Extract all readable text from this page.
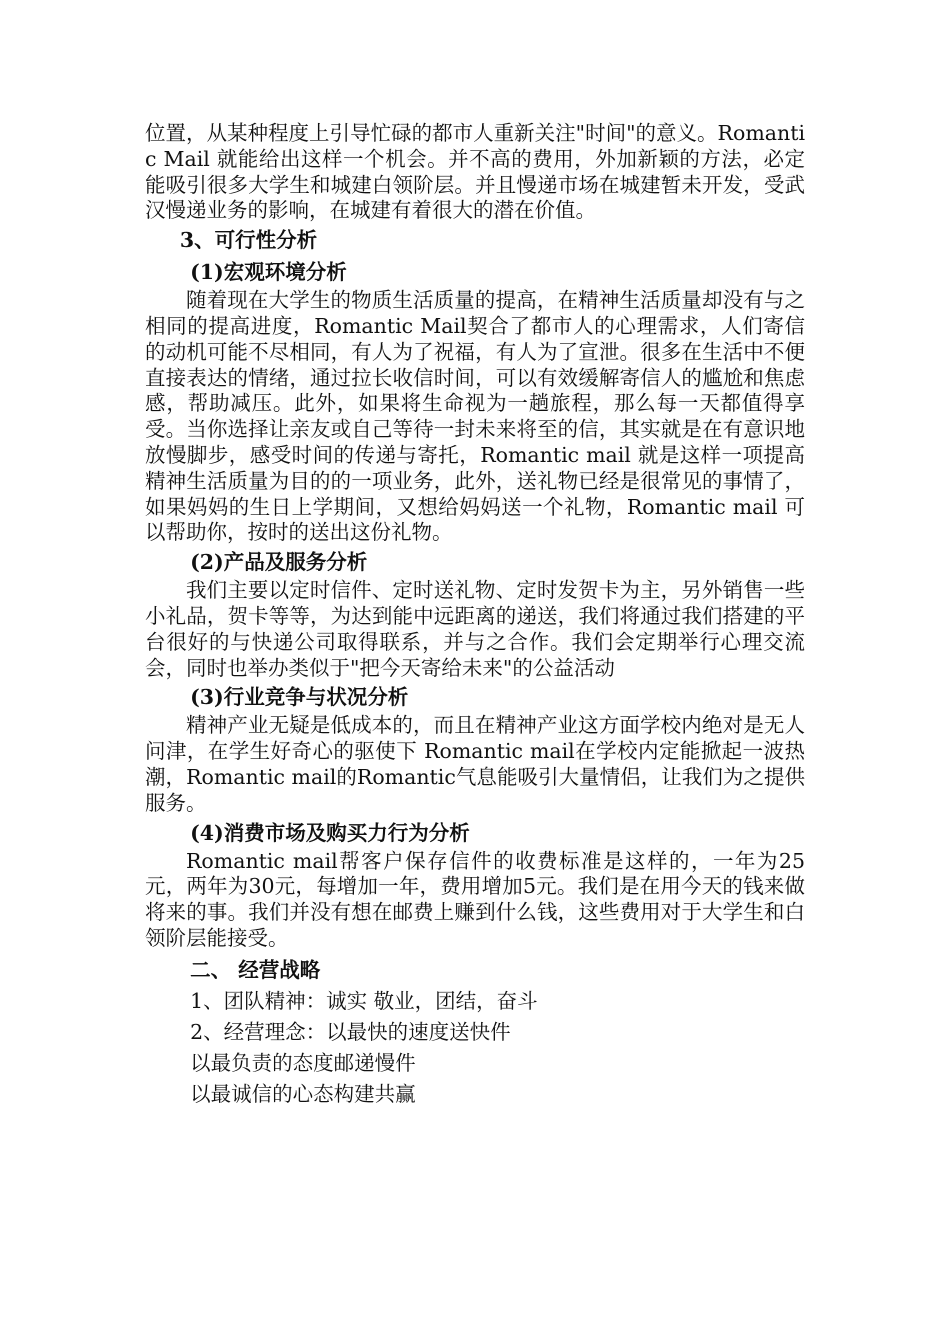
位置，从某种程度上引导忙碌的都市人重新关注"时间"的意义。Romantic Mail 就能给出这样一个机会。并不高的费用，外加新颖的方法，必定能吸引很多大学生和城建白领阶层。并且慢递市场在城建暂未开发，受武汉慢递业务的影响，在城建有着很大的潜在价值。

3、可行性分析

(1)宏观环境分析

随着现在大学生的物质生活质量的提高，在精神生活质量却没有与之相同的提高进度，Romantic Mail契合了都市人的心理需求，人们寄信的动机可能不尽相同，有人为了祝福，有人为了宣泄。很多在生活中不便直接表达的情绪，通过拉长收信时间，可以有效缓解寄信人的尴尬和焦虑感，帮助减压。此外，如果将生命视为一趟旅程，那么每一天都值得享受。当你选择让亲友或自己等待一封未来将至的信，其实就是在有意识地放慢脚步，感受时间的传递与寄托，Romantic mail 就是这样一项提高精神生活质量为目的的一项业务，此外，送礼物已经是很常见的事情了，如果妈妈的生日上学期间，又想给妈妈送一个礼物，Romantic mail 可以帮助你，按时的送出这份礼物。

(2)产品及服务分析

我们主要以定时信件、定时送礼物、定时发贺卡为主，另外销售一些小礼品，贺卡等等，为达到能中远距离的递送，我们将通过我们搭建的平台很好的与快递公司取得联系，并与之合作。我们会定期举行心理交流会，同时也举办类似于"把今天寄给未来"的公益活动

(3)行业竞争与状况分析

精神产业无疑是低成本的，而且在精神产业这方面学校内绝对是无人问津，在学生好奇心的驱使下 Romantic mail在学校内定能掀起一波热潮，Romantic mail的Romantic气息能吸引大量情侣，让我们为之提供服务。

(4)消费市场及购买力行为分析

Romantic mail帮客户保存信件的收费标准是这样的，一年为25元，两年为30元，每增加一年，费用增加5元。我们是在用今天的钱来做将来的事。我们并没有想在邮费上赚到什么钱，这些费用对于大学生和白领阶层能接受。

二、 经营战略

1、团队精神：诚实 敬业，团结，奋斗

2、经营理念：以最快的速度送快件

以最负责的态度邮递慢件

以最诚信的心态构建共赢
